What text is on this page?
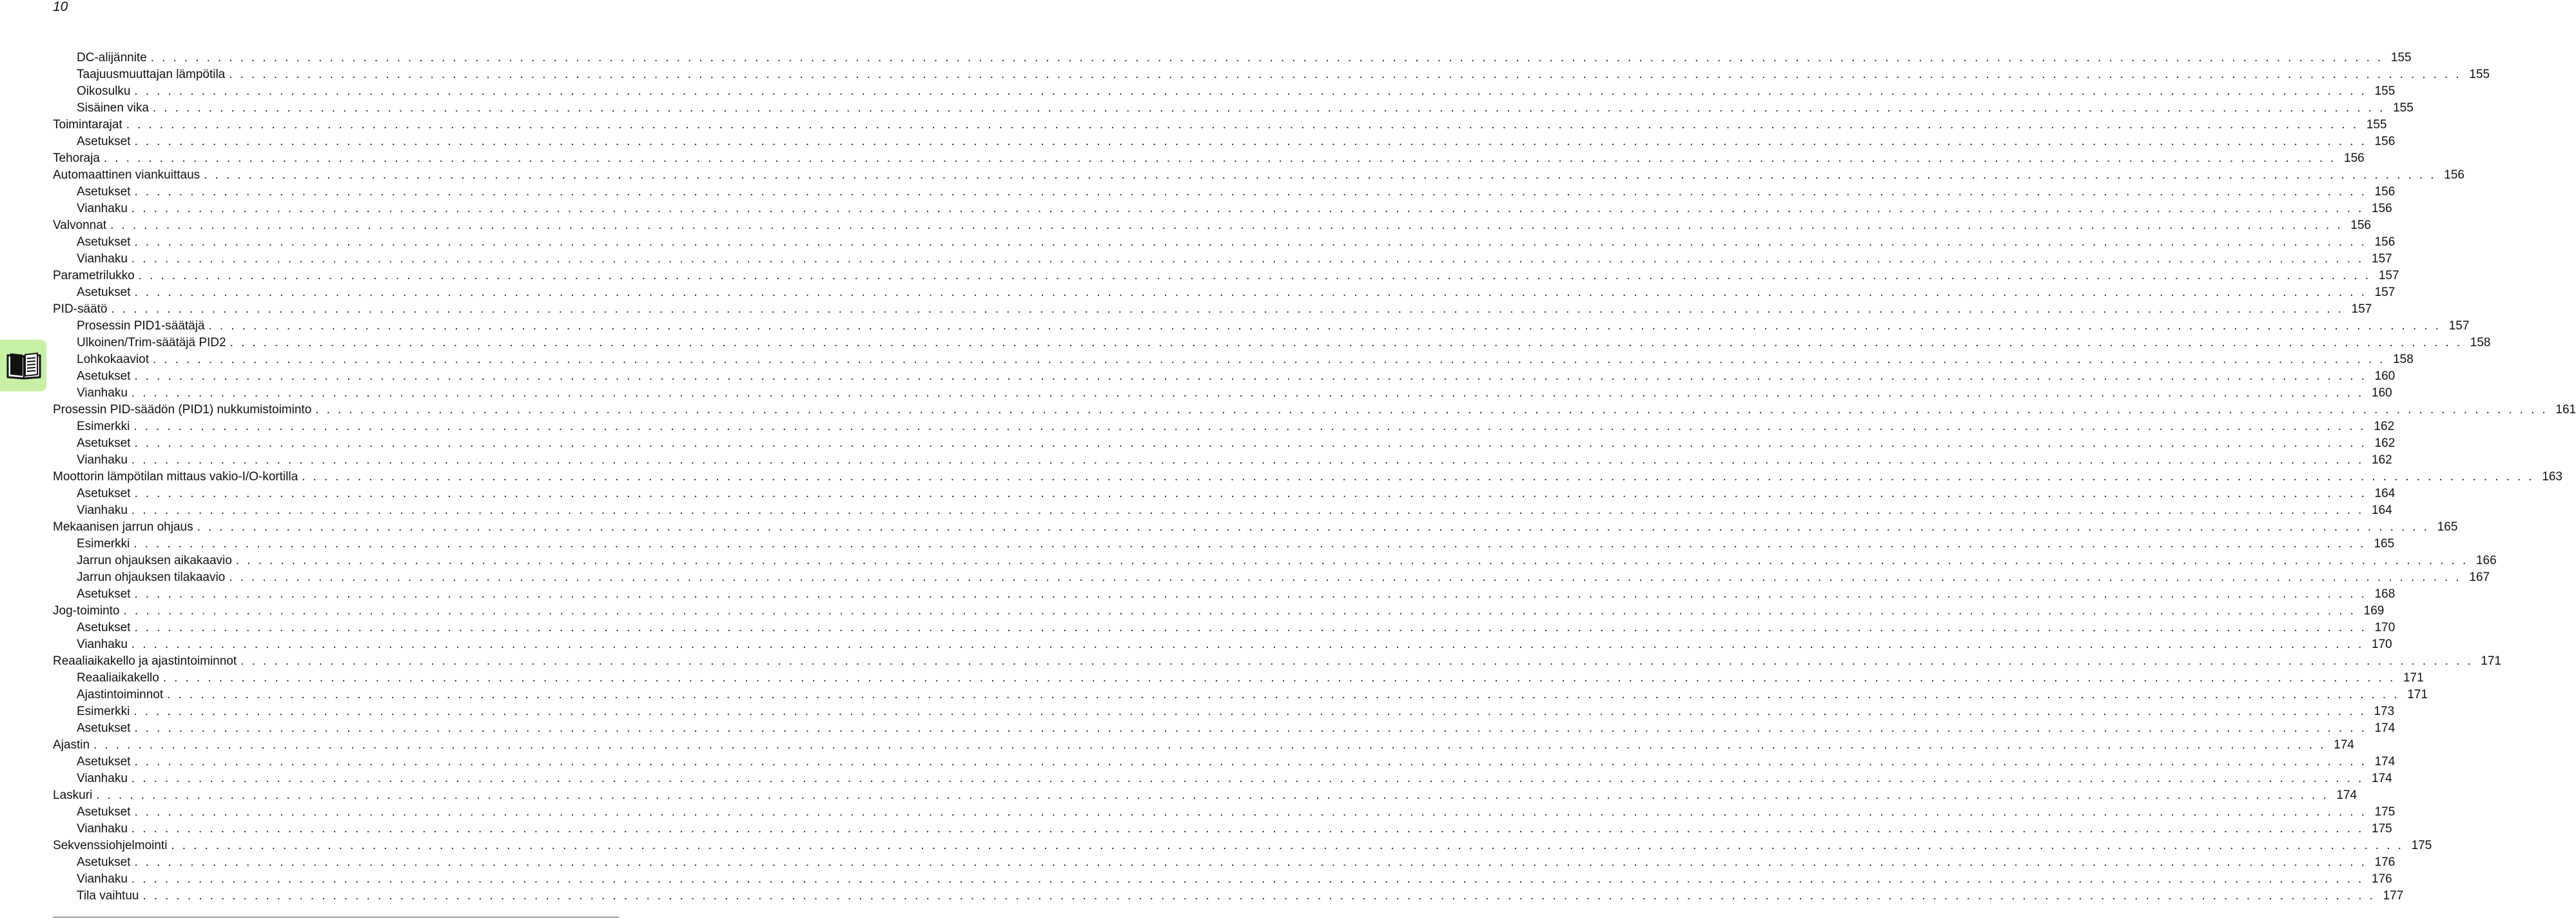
10
DC-alijännite . . . . . . . . . . . . . . . . . . . . . . . . . . . . . . . . . . . . . . . . . . . . . . . . . . . . . . . . . . . . . . . . . . . . . . . . . . . . . . . . . . . . . . . . . . . . . . . . . . . . . . . . . . . . . . . . . . . . . . . . . . . . . . . . . . . . . . . . . . . . . . . . . . . . . . . . . . . . . . . . . . . . . . . . . . . . . . . . . . . . . . . . . . . . . . . . . . . . . . . . 155
Taajuusmuuttajan lämpötila . . . . . . . . . . . . . . . . . . . . . . . . . . . . . . . . . . . . . . . . . . . . . . . . . . . . . . . . . . . . . . . . . . . . . . . . . . . . . . . . . . . . . . . . . . . . . . . . . . . . . . . . . . . . . . . . . . . . . . . . . . . . . . . . . . . . . . . . . . . . . . . . . . . . . . . . . . . . . . . . . . . . . . . . . . . . . . . . . . . . . . . . . . . . . . . . . . . . . . . . 155
Oikosulku . . . . . . . . . . . . . . . . . . . . . . . . . . . . . . . . . . . . . . . . . . . . . . . . . . . . . . . . . . . . . . . . . . . . . . . . . . . . . . . . . . . . . . . . . . . . . . . . . . . . . . . . . . . . . . . . . . . . . . . . . . . . . . . . . . . . . . . . . . . . . . . . . . . . . . . . . . . . . . . . . . . . . . . . . . . . . . . . . . . . . . . . . . . . . . . . . . . . . . . . 155
Sisäinen vika . . . . . . . . . . . . . . . . . . . . . . . . . . . . . . . . . . . . . . . . . . . . . . . . . . . . . . . . . . . . . . . . . . . . . . . . . . . . . . . . . . . . . . . . . . . . . . . . . . . . . . . . . . . . . . . . . . . . . . . . . . . . . . . . . . . . . . . . . . . . . . . . . . . . . . . . . . . . . . . . . . . . . . . . . . . . . . . . . . . . . . . . . . . . . . . . . . . . . . . . 155
Toimintarajat . . . . . . . . . . . . . . . . . . . . . . . . . . . . . . . . . . . . . . . . . . . . . . . . . . . . . . . . . . . . . . . . . . . . . . . . . . . . . . . . . . . . . . . . . . . . . . . . . . . . . . . . . . . . . . . . . . . . . . . . . . . . . . . . . . . . . . . . . . . . . . . . . . . . . . . . . . . . . . . . . . . . . . . . . . . . . . . . . . . . . . . . . . . . . . . . . . . . . . . . 155
Asetukset . . . . . . . . . . . . . . . . . . . . . . . . . . . . . . . . . . . . . . . . . . . . . . . . . . . . . . . . . . . . . . . . . . . . . . . . . . . . . . . . . . . . . . . . . . . . . . . . . . . . . . . . . . . . . . . . . . . . . . . . . . . . . . . . . . . . . . . . . . . . . . . . . . . . . . . . . . . . . . . . . . . . . . . . . . . . . . . . . . . . . . . . . . . . . . . . . . . . . . . . 156
Tehoraja . . . . . . . . . . . . . . . . . . . . . . . . . . . . . . . . . . . . . . . . . . . . . . . . . . . . . . . . . . . . . . . . . . . . . . . . . . . . . . . . . . . . . . . . . . . . . . . . . . . . . . . . . . . . . . . . . . . . . . . . . . . . . . . . . . . . . . . . . . . . . . . . . . . . . . . . . . . . . . . . . . . . . . . . . . . . . . . . . . . . . . . . . . . . . . . . . . . . . . . . 156
Automaattinen viankuittaus . . . . . . . . . . . . . . . . . . . . . . . . . . . . . . . . . . . . . . . . . . . . . . . . . . . . . . . . . . . . . . . . . . . . . . . . . . . . . . . . . . . . . . . . . . . . . . . . . . . . . . . . . . . . . . . . . . . . . . . . . . . . . . . . . . . . . . . . . . . . . . . . . . . . . . . . . . . . . . . . . . . . . . . . . . . . . . . . . . . . . . . . . . . . . . . . . . . . . . . . 156
Asetukset . . . . . . . . . . . . . . . . . . . . . . . . . . . . . . . . . . . . . . . . . . . . . . . . . . . . . . . . . . . . . . . . . . . . . . . . . . . . . . . . . . . . . . . . . . . . . . . . . . . . . . . . . . . . . . . . . . . . . . . . . . . . . . . . . . . . . . . . . . . . . . . . . . . . . . . . . . . . . . . . . . . . . . . . . . . . . . . . . . . . . . . . . . . . . . . . . . . . . . . . 156
Vianhaku . . . . . . . . . . . . . . . . . . . . . . . . . . . . . . . . . . . . . . . . . . . . . . . . . . . . . . . . . . . . . . . . . . . . . . . . . . . . . . . . . . . . . . . . . . . . . . . . . . . . . . . . . . . . . . . . . . . . . . . . . . . . . . . . . . . . . . . . . . . . . . . . . . . . . . . . . . . . . . . . . . . . . . . . . . . . . . . . . . . . . . . . . . . . . . . . . . . . . . . . 156
Valvonnat . . . . . . . . . . . . . . . . . . . . . . . . . . . . . . . . . . . . . . . . . . . . . . . . . . . . . . . . . . . . . . . . . . . . . . . . . . . . . . . . . . . . . . . . . . . . . . . . . . . . . . . . . . . . . . . . . . . . . . . . . . . . . . . . . . . . . . . . . . . . . . . . . . . . . . . . . . . . . . . . . . . . . . . . . . . . . . . . . . . . . . . . . . . . . . . . . . . . . . . . 156
Asetukset . . . . . . . . . . . . . . . . . . . . . . . . . . . . . . . . . . . . . . . . . . . . . . . . . . . . . . . . . . . . . . . . . . . . . . . . . . . . . . . . . . . . . . . . . . . . . . . . . . . . . . . . . . . . . . . . . . . . . . . . . . . . . . . . . . . . . . . . . . . . . . . . . . . . . . . . . . . . . . . . . . . . . . . . . . . . . . . . . . . . . . . . . . . . . . . . . . . . . . . . 156
Vianhaku . . . . . . . . . . . . . . . . . . . . . . . . . . . . . . . . . . . . . . . . . . . . . . . . . . . . . . . . . . . . . . . . . . . . . . . . . . . . . . . . . . . . . . . . . . . . . . . . . . . . . . . . . . . . . . . . . . . . . . . . . . . . . . . . . . . . . . . . . . . . . . . . . . . . . . . . . . . . . . . . . . . . . . . . . . . . . . . . . . . . . . . . . . . . . . . . . . . . . . . . 157
Parametrilukko . . . . . . . . . . . . . . . . . . . . . . . . . . . . . . . . . . . . . . . . . . . . . . . . . . . . . . . . . . . . . . . . . . . . . . . . . . . . . . . . . . . . . . . . . . . . . . . . . . . . . . . . . . . . . . . . . . . . . . . . . . . . . . . . . . . . . . . . . . . . . . . . . . . . . . . . . . . . . . . . . . . . . . . . . . . . . . . . . . . . . . . . . . . . . . . . . . . . . . . . 157
Asetukset . . . . . . . . . . . . . . . . . . . . . . . . . . . . . . . . . . . . . . . . . . . . . . . . . . . . . . . . . . . . . . . . . . . . . . . . . . . . . . . . . . . . . . . . . . . . . . . . . . . . . . . . . . . . . . . . . . . . . . . . . . . . . . . . . . . . . . . . . . . . . . . . . . . . . . . . . . . . . . . . . . . . . . . . . . . . . . . . . . . . . . . . . . . . . . . . . . . . . . . . 157
PID-säätö . . . . . . . . . . . . . . . . . . . . . . . . . . . . . . . . . . . . . . . . . . . . . . . . . . . . . . . . . . . . . . . . . . . . . . . . . . . . . . . . . . . . . . . . . . . . . . . . . . . . . . . . . . . . . . . . . . . . . . . . . . . . . . . . . . . . . . . . . . . . . . . . . . . . . . . . . . . . . . . . . . . . . . . . . . . . . . . . . . . . . . . . . . . . . . . . . . . . . . . . 157
Prosessin PID1-säätäjä . . . . . . . . . . . . . . . . . . . . . . . . . . . . . . . . . . . . . . . . . . . . . . . . . . . . . . . . . . . . . . . . . . . . . . . . . . . . . . . . . . . . . . . . . . . . . . . . . . . . . . . . . . . . . . . . . . . . . . . . . . . . . . . . . . . . . . . . . . . . . . . . . . . . . . . . . . . . . . . . . . . . . . . . . . . . . . . . . . . . . . . . . . . . . . . . . . . . . . . . 157
Ulkoinen/Trim-säätäjä PID2 . . . . . . . . . . . . . . . . . . . . . . . . . . . . . . . . . . . . . . . . . . . . . . . . . . . . . . . . . . . . . . . . . . . . . . . . . . . . . . . . . . . . . . . . . . . . . . . . . . . . . . . . . . . . . . . . . . . . . . . . . . . . . . . . . . . . . . . . . . . . . . . . . . . . . . . . . . . . . . . . . . . . . . . . . . . . . . . . . . . . . . . . . . . . . . . . . . . . . . . . 158
Lohkokaaviot . . . . . . . . . . . . . . . . . . . . . . . . . . . . . . . . . . . . . . . . . . . . . . . . . . . . . . . . . . . . . . . . . . . . . . . . . . . . . . . . . . . . . . . . . . . . . . . . . . . . . . . . . . . . . . . . . . . . . . . . . . . . . . . . . . . . . . . . . . . . . . . . . . . . . . . . . . . . . . . . . . . . . . . . . . . . . . . . . . . . . . . . . . . . . . . . . . . . . . . . 158
Asetukset . . . . . . . . . . . . . . . . . . . . . . . . . . . . . . . . . . . . . . . . . . . . . . . . . . . . . . . . . . . . . . . . . . . . . . . . . . . . . . . . . . . . . . . . . . . . . . . . . . . . . . . . . . . . . . . . . . . . . . . . . . . . . . . . . . . . . . . . . . . . . . . . . . . . . . . . . . . . . . . . . . . . . . . . . . . . . . . . . . . . . . . . . . . . . . . . . . . . . . . . 160
Vianhaku . . . . . . . . . . . . . . . . . . . . . . . . . . . . . . . . . . . . . . . . . . . . . . . . . . . . . . . . . . . . . . . . . . . . . . . . . . . . . . . . . . . . . . . . . . . . . . . . . . . . . . . . . . . . . . . . . . . . . . . . . . . . . . . . . . . . . . . . . . . . . . . . . . . . . . . . . . . . . . . . . . . . . . . . . . . . . . . . . . . . . . . . . . . . . . . . . . . . . . . . 160
Prosessin PID-säädön (PID1) nukkumistoiminto . . . . . . . . . . . . . . . . . . . . . . . . . . . . . . . . . . . . . . . . . . . . . . . . . . . . . . . . . . . . . . . . . . . . . . . . . . . . . . . . . . . . . . . . . . . . . . . . . . . . . . . . . . . . . . . . . . . . . . . . . . . . . . . . . . . . . . . . . . . . . . . . . . . . . . . . . . . . . . . . . . . . . . . . . . . . . . . . . . . . . . . . . . . . . . . . . . . . . . . . 161
Esimerkki . . . . . . . . . . . . . . . . . . . . . . . . . . . . . . . . . . . . . . . . . . . . . . . . . . . . . . . . . . . . . . . . . . . . . . . . . . . . . . . . . . . . . . . . . . . . . . . . . . . . . . . . . . . . . . . . . . . . . . . . . . . . . . . . . . . . . . . . . . . . . . . . . . . . . . . . . . . . . . . . . . . . . . . . . . . . . . . . . . . . . . . . . . . . . . . . . . . . . . . . 162
Asetukset . . . . . . . . . . . . . . . . . . . . . . . . . . . . . . . . . . . . . . . . . . . . . . . . . . . . . . . . . . . . . . . . . . . . . . . . . . . . . . . . . . . . . . . . . . . . . . . . . . . . . . . . . . . . . . . . . . . . . . . . . . . . . . . . . . . . . . . . . . . . . . . . . . . . . . . . . . . . . . . . . . . . . . . . . . . . . . . . . . . . . . . . . . . . . . . . . . . . . . . . 162
Vianhaku . . . . . . . . . . . . . . . . . . . . . . . . . . . . . . . . . . . . . . . . . . . . . . . . . . . . . . . . . . . . . . . . . . . . . . . . . . . . . . . . . . . . . . . . . . . . . . . . . . . . . . . . . . . . . . . . . . . . . . . . . . . . . . . . . . . . . . . . . . . . . . . . . . . . . . . . . . . . . . . . . . . . . . . . . . . . . . . . . . . . . . . . . . . . . . . . . . . . . . . . 162
Moottorin lämpötilan mittaus vakio-I/O-kortilla . . . . . . . . . . . . . . . . . . . . . . . . . . . . . . . . . . . . . . . . . . . . . . . . . . . . . . . . . . . . . . . . . . . . . . . . . . . . . . . . . . . . . . . . . . . . . . . . . . . . . . . . . . . . . . . . . . . . . . . . . . . . . . . . . . . . . . . . . . . . . . . . . . . . . . . . . . . . . . . . . . . . . . . . . . . . . . . . . . . . . . . . . . . . . . . . . . . . . . . . 163
Asetukset . . . . . . . . . . . . . . . . . . . . . . . . . . . . . . . . . . . . . . . . . . . . . . . . . . . . . . . . . . . . . . . . . . . . . . . . . . . . . . . . . . . . . . . . . . . . . . . . . . . . . . . . . . . . . . . . . . . . . . . . . . . . . . . . . . . . . . . . . . . . . . . . . . . . . . . . . . . . . . . . . . . . . . . . . . . . . . . . . . . . . . . . . . . . . . . . . . . . . . . . 164
Vianhaku . . . . . . . . . . . . . . . . . . . . . . . . . . . . . . . . . . . . . . . . . . . . . . . . . . . . . . . . . . . . . . . . . . . . . . . . . . . . . . . . . . . . . . . . . . . . . . . . . . . . . . . . . . . . . . . . . . . . . . . . . . . . . . . . . . . . . . . . . . . . . . . . . . . . . . . . . . . . . . . . . . . . . . . . . . . . . . . . . . . . . . . . . . . . . . . . . . . . . . . . 164
Mekaanisen jarrun ohjaus . . . . . . . . . . . . . . . . . . . . . . . . . . . . . . . . . . . . . . . . . . . . . . . . . . . . . . . . . . . . . . . . . . . . . . . . . . . . . . . . . . . . . . . . . . . . . . . . . . . . . . . . . . . . . . . . . . . . . . . . . . . . . . . . . . . . . . . . . . . . . . . . . . . . . . . . . . . . . . . . . . . . . . . . . . . . . . . . . . . . . . . . . . . . . . . . . . . . . . . . 165
Esimerkki . . . . . . . . . . . . . . . . . . . . . . . . . . . . . . . . . . . . . . . . . . . . . . . . . . . . . . . . . . . . . . . . . . . . . . . . . . . . . . . . . . . . . . . . . . . . . . . . . . . . . . . . . . . . . . . . . . . . . . . . . . . . . . . . . . . . . . . . . . . . . . . . . . . . . . . . . . . . . . . . . . . . . . . . . . . . . . . . . . . . . . . . . . . . . . . . . . . . . . . . 165
Jarrun ohjauksen aikakaavio . . . . . . . . . . . . . . . . . . . . . . . . . . . . . . . . . . . . . . . . . . . . . . . . . . . . . . . . . . . . . . . . . . . . . . . . . . . . . . . . . . . . . . . . . . . . . . . . . . . . . . . . . . . . . . . . . . . . . . . . . . . . . . . . . . . . . . . . . . . . . . . . . . . . . . . . . . . . . . . . . . . . . . . . . . . . . . . . . . . . . . . . . . . . . . . . . . . . . . . . 166
Jarrun ohjauksen tilakaavio . . . . . . . . . . . . . . . . . . . . . . . . . . . . . . . . . . . . . . . . . . . . . . . . . . . . . . . . . . . . . . . . . . . . . . . . . . . . . . . . . . . . . . . . . . . . . . . . . . . . . . . . . . . . . . . . . . . . . . . . . . . . . . . . . . . . . . . . . . . . . . . . . . . . . . . . . . . . . . . . . . . . . . . . . . . . . . . . . . . . . . . . . . . . . . . . . . . . . . . . 167
Asetukset . . . . . . . . . . . . . . . . . . . . . . . . . . . . . . . . . . . . . . . . . . . . . . . . . . . . . . . . . . . . . . . . . . . . . . . . . . . . . . . . . . . . . . . . . . . . . . . . . . . . . . . . . . . . . . . . . . . . . . . . . . . . . . . . . . . . . . . . . . . . . . . . . . . . . . . . . . . . . . . . . . . . . . . . . . . . . . . . . . . . . . . . . . . . . . . . . . . . . . . . 168
Jog-toiminto . . . . . . . . . . . . . . . . . . . . . . . . . . . . . . . . . . . . . . . . . . . . . . . . . . . . . . . . . . . . . . . . . . . . . . . . . . . . . . . . . . . . . . . . . . . . . . . . . . . . . . . . . . . . . . . . . . . . . . . . . . . . . . . . . . . . . . . . . . . . . . . . . . . . . . . . . . . . . . . . . . . . . . . . . . . . . . . . . . . . . . . . . . . . . . . . . . . . . . . . 169
Asetukset . . . . . . . . . . . . . . . . . . . . . . . . . . . . . . . . . . . . . . . . . . . . . . . . . . . . . . . . . . . . . . . . . . . . . . . . . . . . . . . . . . . . . . . . . . . . . . . . . . . . . . . . . . . . . . . . . . . . . . . . . . . . . . . . . . . . . . . . . . . . . . . . . . . . . . . . . . . . . . . . . . . . . . . . . . . . . . . . . . . . . . . . . . . . . . . . . . . . . . . . 170
Vianhaku . . . . . . . . . . . . . . . . . . . . . . . . . . . . . . . . . . . . . . . . . . . . . . . . . . . . . . . . . . . . . . . . . . . . . . . . . . . . . . . . . . . . . . . . . . . . . . . . . . . . . . . . . . . . . . . . . . . . . . . . . . . . . . . . . . . . . . . . . . . . . . . . . . . . . . . . . . . . . . . . . . . . . . . . . . . . . . . . . . . . . . . . . . . . . . . . . . . . . . . . 170
Reaaliaikakello ja ajastintoiminnot . . . . . . . . . . . . . . . . . . . . . . . . . . . . . . . . . . . . . . . . . . . . . . . . . . . . . . . . . . . . . . . . . . . . . . . . . . . . . . . . . . . . . . . . . . . . . . . . . . . . . . . . . . . . . . . . . . . . . . . . . . . . . . . . . . . . . . . . . . . . . . . . . . . . . . . . . . . . . . . . . . . . . . . . . . . . . . . . . . . . . . . . . . . . . . . . . . . . . . . . 171
Reaaliaikakello . . . . . . . . . . . . . . . . . . . . . . . . . . . . . . . . . . . . . . . . . . . . . . . . . . . . . . . . . . . . . . . . . . . . . . . . . . . . . . . . . . . . . . . . . . . . . . . . . . . . . . . . . . . . . . . . . . . . . . . . . . . . . . . . . . . . . . . . . . . . . . . . . . . . . . . . . . . . . . . . . . . . . . . . . . . . . . . . . . . . . . . . . . . . . . . . . . . . . . . . 171
Ajastintoiminnot . . . . . . . . . . . . . . . . . . . . . . . . . . . . . . . . . . . . . . . . . . . . . . . . . . . . . . . . . . . . . . . . . . . . . . . . . . . . . . . . . . . . . . . . . . . . . . . . . . . . . . . . . . . . . . . . . . . . . . . . . . . . . . . . . . . . . . . . . . . . . . . . . . . . . . . . . . . . . . . . . . . . . . . . . . . . . . . . . . . . . . . . . . . . . . . . . . . . . . . . 171
Esimerkki . . . . . . . . . . . . . . . . . . . . . . . . . . . . . . . . . . . . . . . . . . . . . . . . . . . . . . . . . . . . . . . . . . . . . . . . . . . . . . . . . . . . . . . . . . . . . . . . . . . . . . . . . . . . . . . . . . . . . . . . . . . . . . . . . . . . . . . . . . . . . . . . . . . . . . . . . . . . . . . . . . . . . . . . . . . . . . . . . . . . . . . . . . . . . . . . . . . . . . . . 173
Asetukset . . . . . . . . . . . . . . . . . . . . . . . . . . . . . . . . . . . . . . . . . . . . . . . . . . . . . . . . . . . . . . . . . . . . . . . . . . . . . . . . . . . . . . . . . . . . . . . . . . . . . . . . . . . . . . . . . . . . . . . . . . . . . . . . . . . . . . . . . . . . . . . . . . . . . . . . . . . . . . . . . . . . . . . . . . . . . . . . . . . . . . . . . . . . . . . . . . . . . . . . 174
Ajastin . . . . . . . . . . . . . . . . . . . . . . . . . . . . . . . . . . . . . . . . . . . . . . . . . . . . . . . . . . . . . . . . . . . . . . . . . . . . . . . . . . . . . . . . . . . . . . . . . . . . . . . . . . . . . . . . . . . . . . . . . . . . . . . . . . . . . . . . . . . . . . . . . . . . . . . . . . . . . . . . . . . . . . . . . . . . . . . . . . . . . . . . . . . . . . . . . . . . . . . . 174
Asetukset . . . . . . . . . . . . . . . . . . . . . . . . . . . . . . . . . . . . . . . . . . . . . . . . . . . . . . . . . . . . . . . . . . . . . . . . . . . . . . . . . . . . . . . . . . . . . . . . . . . . . . . . . . . . . . . . . . . . . . . . . . . . . . . . . . . . . . . . . . . . . . . . . . . . . . . . . . . . . . . . . . . . . . . . . . . . . . . . . . . . . . . . . . . . . . . . . . . . . . . . 174
Vianhaku . . . . . . . . . . . . . . . . . . . . . . . . . . . . . . . . . . . . . . . . . . . . . . . . . . . . . . . . . . . . . . . . . . . . . . . . . . . . . . . . . . . . . . . . . . . . . . . . . . . . . . . . . . . . . . . . . . . . . . . . . . . . . . . . . . . . . . . . . . . . . . . . . . . . . . . . . . . . . . . . . . . . . . . . . . . . . . . . . . . . . . . . . . . . . . . . . . . . . . . . 174
Laskuri . . . . . . . . . . . . . . . . . . . . . . . . . . . . . . . . . . . . . . . . . . . . . . . . . . . . . . . . . . . . . . . . . . . . . . . . . . . . . . . . . . . . . . . . . . . . . . . . . . . . . . . . . . . . . . . . . . . . . . . . . . . . . . . . . . . . . . . . . . . . . . . . . . . . . . . . . . . . . . . . . . . . . . . . . . . . . . . . . . . . . . . . . . . . . . . . . . . . . . . . 174
Asetukset . . . . . . . . . . . . . . . . . . . . . . . . . . . . . . . . . . . . . . . . . . . . . . . . . . . . . . . . . . . . . . . . . . . . . . . . . . . . . . . . . . . . . . . . . . . . . . . . . . . . . . . . . . . . . . . . . . . . . . . . . . . . . . . . . . . . . . . . . . . . . . . . . . . . . . . . . . . . . . . . . . . . . . . . . . . . . . . . . . . . . . . . . . . . . . . . . . . . . . . . 175
Vianhaku . . . . . . . . . . . . . . . . . . . . . . . . . . . . . . . . . . . . . . . . . . . . . . . . . . . . . . . . . . . . . . . . . . . . . . . . . . . . . . . . . . . . . . . . . . . . . . . . . . . . . . . . . . . . . . . . . . . . . . . . . . . . . . . . . . . . . . . . . . . . . . . . . . . . . . . . . . . . . . . . . . . . . . . . . . . . . . . . . . . . . . . . . . . . . . . . . . . . . . . . 175
Sekvenssiohjelmointi . . . . . . . . . . . . . . . . . . . . . . . . . . . . . . . . . . . . . . . . . . . . . . . . . . . . . . . . . . . . . . . . . . . . . . . . . . . . . . . . . . . . . . . . . . . . . . . . . . . . . . . . . . . . . . . . . . . . . . . . . . . . . . . . . . . . . . . . . . . . . . . . . . . . . . . . . . . . . . . . . . . . . . . . . . . . . . . . . . . . . . . . . . . . . . . . . . . . . . . . 175
Asetukset . . . . . . . . . . . . . . . . . . . . . . . . . . . . . . . . . . . . . . . . . . . . . . . . . . . . . . . . . . . . . . . . . . . . . . . . . . . . . . . . . . . . . . . . . . . . . . . . . . . . . . . . . . . . . . . . . . . . . . . . . . . . . . . . . . . . . . . . . . . . . . . . . . . . . . . . . . . . . . . . . . . . . . . . . . . . . . . . . . . . . . . . . . . . . . . . . . . . . . . . 176
Vianhaku . . . . . . . . . . . . . . . . . . . . . . . . . . . . . . . . . . . . . . . . . . . . . . . . . . . . . . . . . . . . . . . . . . . . . . . . . . . . . . . . . . . . . . . . . . . . . . . . . . . . . . . . . . . . . . . . . . . . . . . . . . . . . . . . . . . . . . . . . . . . . . . . . . . . . . . . . . . . . . . . . . . . . . . . . . . . . . . . . . . . . . . . . . . . . . . . . . . . . . . . 176
Tila vaihtuu . . . . . . . . . . . . . . . . . . . . . . . . . . . . . . . . . . . . . . . . . . . . . . . . . . . . . . . . . . . . . . . . . . . . . . . . . . . . . . . . . . . . . . . . . . . . . . . . . . . . . . . . . . . . . . . . . . . . . . . . . . . . . . . . . . . . . . . . . . . . . . . . . . . . . . . . . . . . . . . . . . . . . . . . . . . . . . . . . . . . . . . . . . . . . . . . . . . . . . . . 177
